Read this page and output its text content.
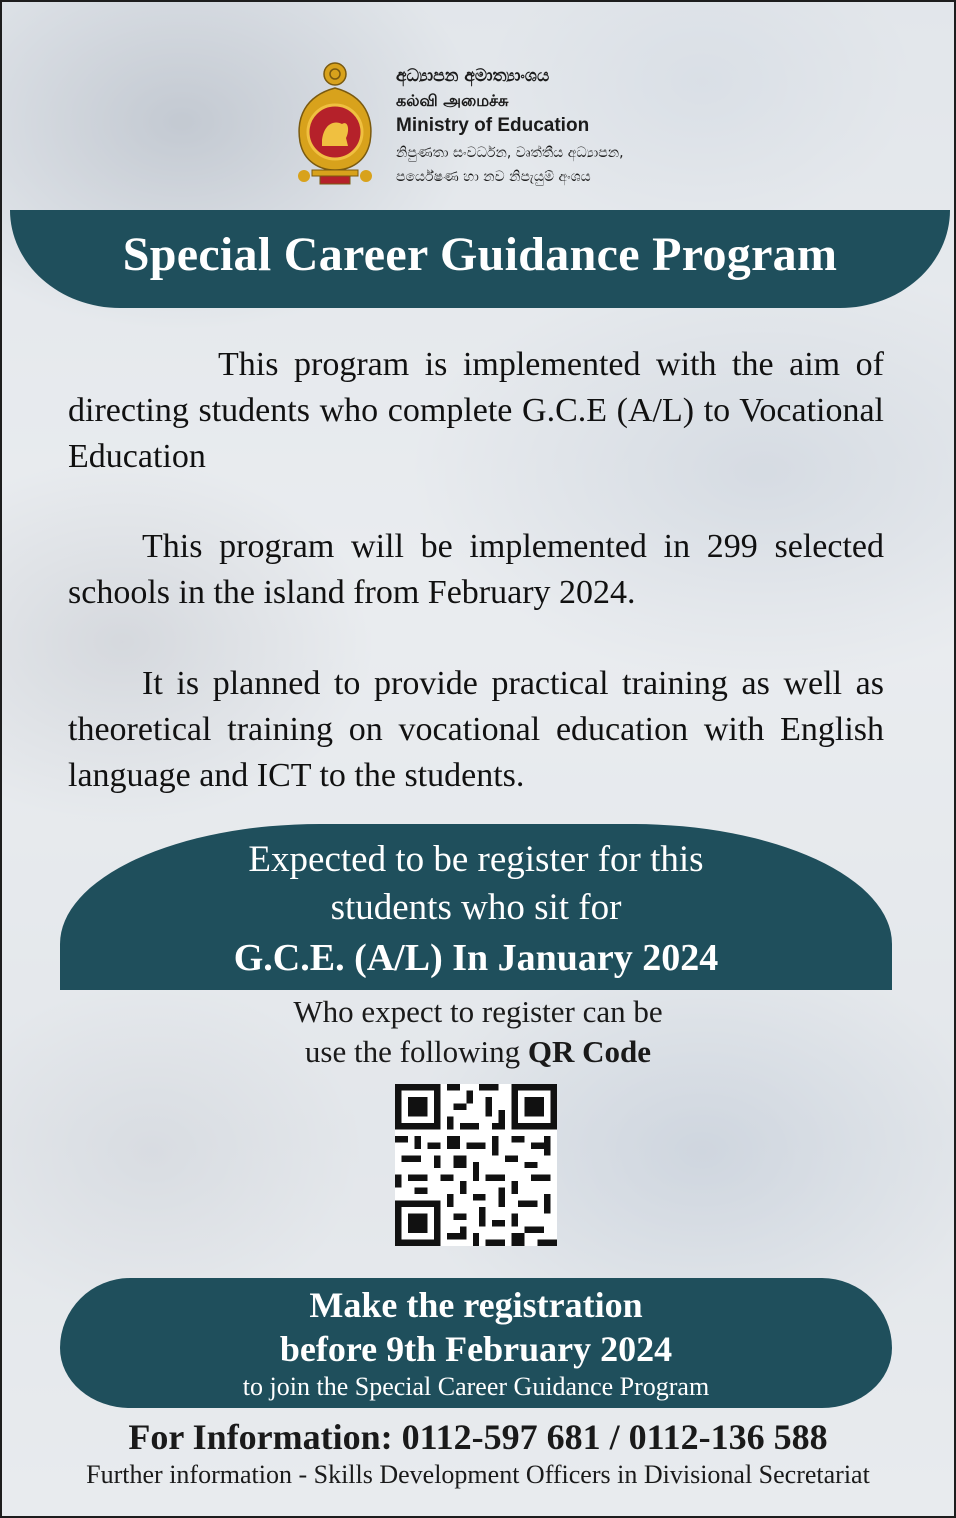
අධ්‍යාපන අමාත්‍යාංශය
கல்வி அமைச்சு
Ministry of Education
නිපුණතා සංවර්ධන, වෘත්තීය අධ්‍යාපන,
පර්යේෂණ හා නව නිපැයුම් අංශය
Special Career Guidance Program
This program is implemented with the aim of directing students who complete G.C.E (A/L) to Vocational Education
This program will be implemented in 299 selected schools in the island from February 2024.
It is planned to provide practical training as well as theoretical training on vocational education with English language and ICT to the students.
Expected to be register for this
students who sit for
G.C.E. (A/L) In January 2024
Who expect to register can be
use the following QR Code
Make the registration
before 9th February 2024
to join the Special Career Guidance Program
For Information: 0112-597 681 / 0112-136 588
Further information - Skills Development Officers in Divisional Secretariat
